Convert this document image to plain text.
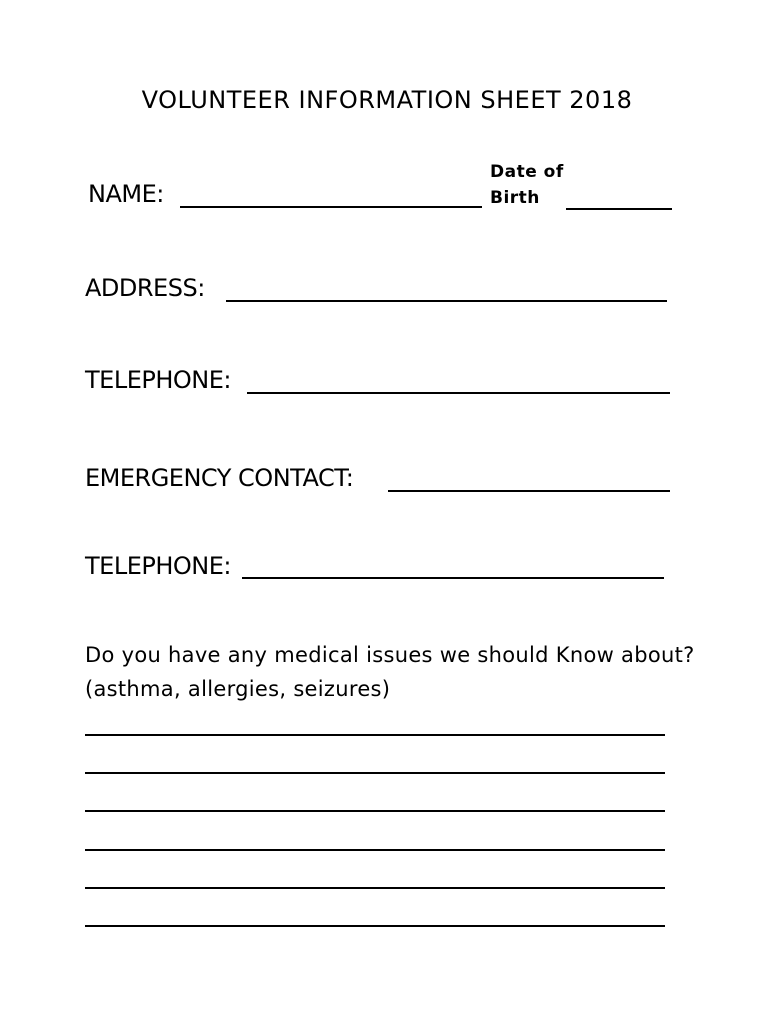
VOLUNTEER INFORMATION SHEET 2018
NAME:
Date of
Birth
ADDRESS:
TELEPHONE:
EMERGENCY CONTACT:
TELEPHONE:
Do you have any medical issues we should Know about?
(asthma, allergies, seizures)
